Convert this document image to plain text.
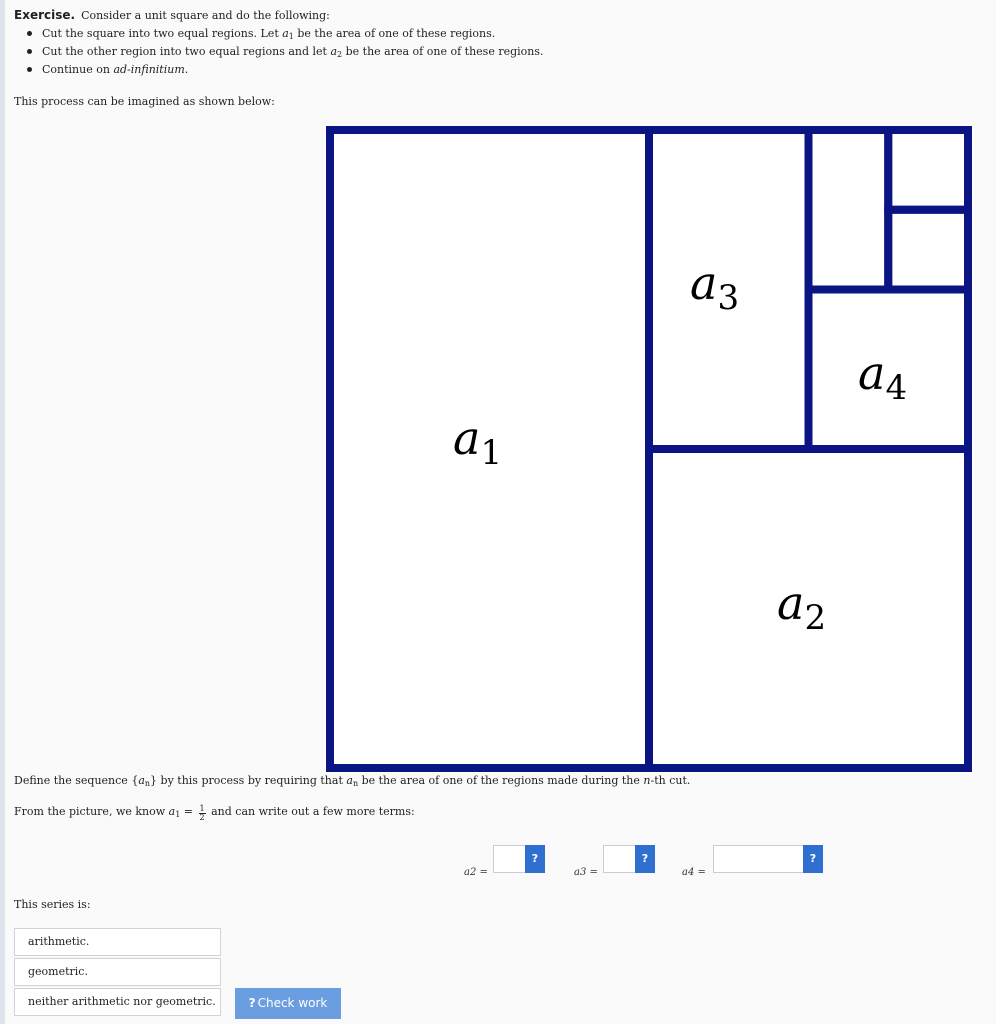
Exercise. Consider a unit square and do the following:
Cut the square into two equal regions. Let $a_1$ be the area of one of these regions.
Cut the other region into two equal regions and let $a_2$ be the area of one of these regions.
Continue on ad-infinitium.
This process can be imagined as shown below:
$a_1$
$a_2$
$a_3$
$a_4$
Define the sequence $\{a_n\}$ by this process by requiring that $a_n$ be the area of one of the regions made during the n-th cut.
From the picture, we know $a_1 = \frac{1}{2}$ and can write out a few more terms:
a2 =
?
a3 =
?
a4 =
?
This series is:
arithmetic.
geometric.
neither arithmetic nor geometric.	? Check work
